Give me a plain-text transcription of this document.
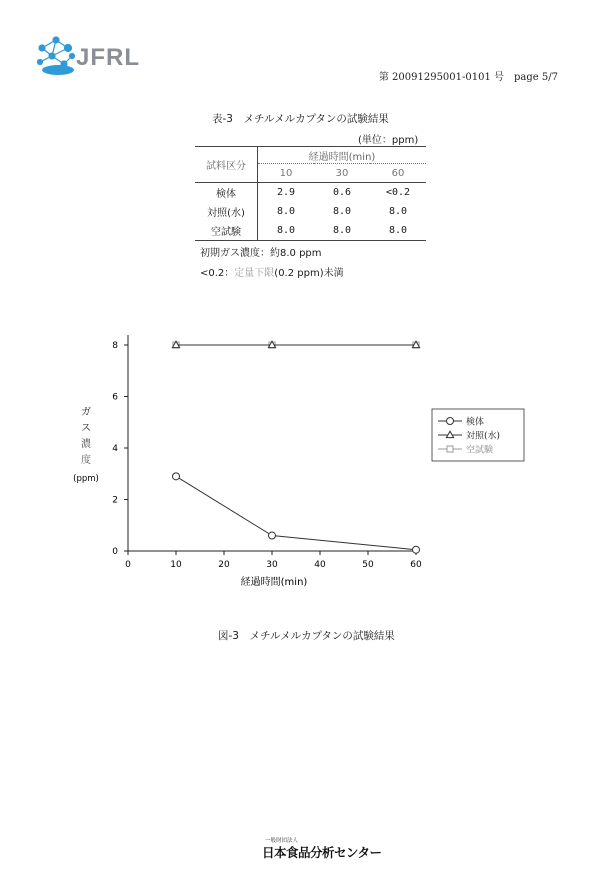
JFRL
第 20091295001-0101 号　page 5/7
表-3　メチルメルカプタンの試験結果
(単位：ppm)
試料区分	経過時間(min)		
	10	30	60
検体	2.9	0.6	<0.2
対照(水)	8.0	8.0	8.0
空試験	8.0	8.0	8.0
初期ガス濃度：約8.0 ppm
<0.2：定量下限(0.2 ppm)未満
0	10	20	30	40	50	60
0
2
4
6
8
ガ
ス
濃
度
(ppm)
経過時間(min)
検体
対照(水)
空試験
図-3　メチルメルカプタンの試験結果
一般財団法人
日本食品分析センター
